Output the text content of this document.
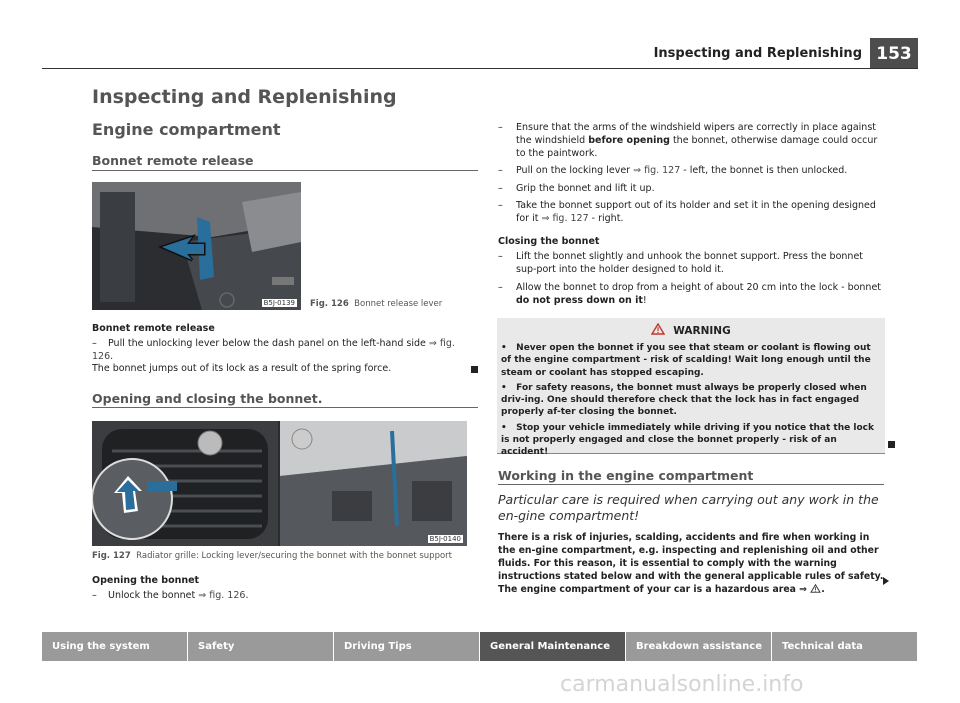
Inspecting and Replenishing 153
Inspecting and Replenishing
Engine compartment
Bonnet remote release
B5J-0139 Fig. 126 Bonnet release lever
Bonnet remote release
– Pull the unlocking lever below the dash panel on the left-hand side ⇒ fig. 126.
The bonnet jumps out of its lock as a result of the spring force.
Opening and closing the bonnet.
B5J-0140
Fig. 127 Radiator grille: Locking lever/securing the bonnet with the bonnet support
Opening the bonnet
– Unlock the bonnet ⇒ fig. 126.
–	Ensure that the arms of the windshield wipers are correctly in place against the windshield before opening the bonnet, otherwise damage could occur to the paintwork.
–	Pull on the locking lever ⇒ fig. 127 - left, the bonnet is then unlocked.
–	Grip the bonnet and lift it up.
–	Take the bonnet support out of its holder and set it in the opening designed for it ⇒ fig. 127 - right.
Closing the bonnet
–	Lift the bonnet slightly and unhook the bonnet support. Press the bonnet sup-port into the holder designed to hold it.
–	Allow the bonnet to drop from a height of about 20 cm into the lock - bonnet do not press down on it!
WARNING

•   Never open the bonnet if you see that steam or coolant is flowing out of the engine compartment - risk of scalding! Wait long enough until the steam or coolant has stopped escaping.

•   For safety reasons, the bonnet must always be properly closed when driv-ing. One should therefore check that the lock has in fact engaged properly af-ter closing the bonnet.

•   Stop your vehicle immediately while driving if you notice that the lock is not properly engaged and close the bonnet properly - risk of an accident!

Working in the engine compartment
Particular care is required when carrying out any work in the en-gine compartment!
There is a risk of injuries, scalding, accidents and fire when working in the en-gine compartment, e.g. inspecting and replenishing oil and other fluids. For this reason, it is essential to comply with the warning instructions stated below and with the general applicable rules of safety. The engine compartment of your car is a hazardous area ⇒ .
Using the system	Safety	Driving Tips	General Maintenance	Breakdown assistance	Technical data
carmanualsonline.info
